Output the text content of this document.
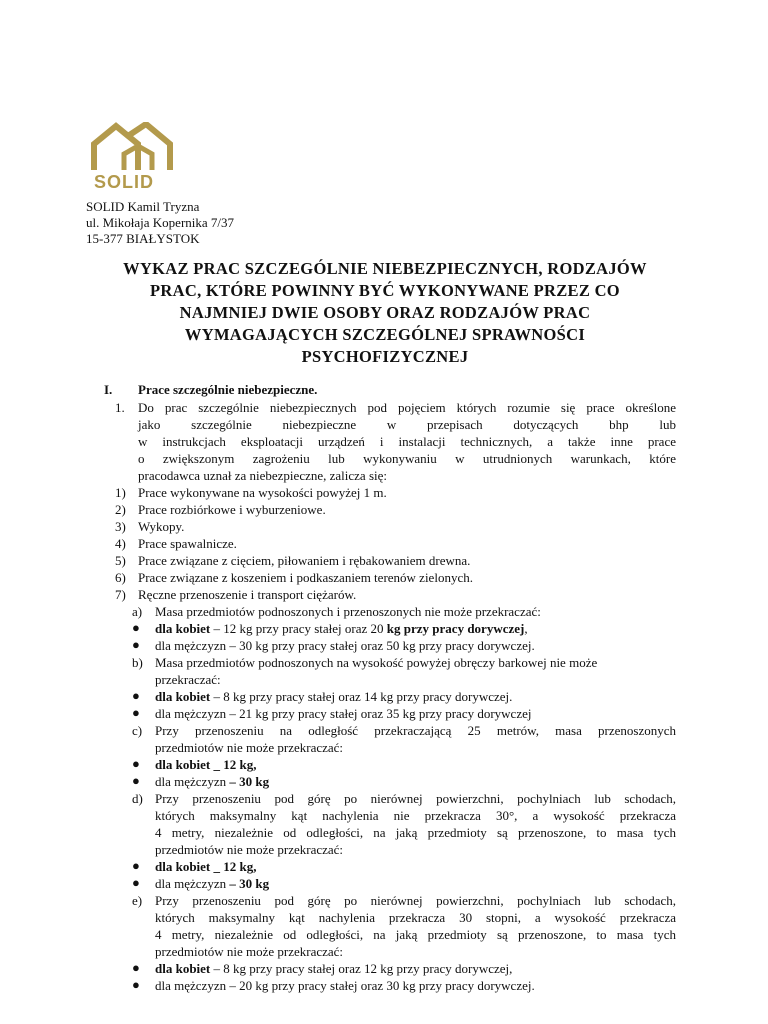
SOLID
SOLID Kamil Tryzna
ul. Mikołaja Kopernika 7/37
15-377 BIAŁYSTOK
WYKAZ PRAC SZCZEGÓLNIE NIEBEZPIECZNYCH, RODZAJÓW
PRAC, KTÓRE POWINNY BYĆ WYKONYWANE PRZEZ CO
NAJMNIEJ DWIE OSOBY ORAZ RODZAJÓW PRAC
WYMAGAJĄCYCH SZCZEGÓLNEJ SPRAWNOŚCI
PSYCHOFIZYCZNEJ
I. Prace szczególnie niebezpieczne.
1. Do prac szczególnie niebezpiecznych pod pojęciem których rozumie się prace określone
jako szczególnie niebezpieczne w przepisach dotyczących bhp lub
w instrukcjach eksploatacji urządzeń i instalacji technicznych, a także inne prace
o zwiększonym zagrożeniu lub wykonywaniu w utrudnionych warunkach, które
pracodawca uznał za niebezpieczne, zalicza się:
1) Prace wykonywane na wysokości powyżej 1 m.
2) Prace rozbiórkowe i wyburzeniowe.
3) Wykopy.
4) Prace spawalnicze.
5) Prace związane z cięciem, piłowaniem i rębakowaniem drewna.
6) Prace związane z koszeniem i podkaszaniem terenów zielonych.
7) Ręczne przenoszenie i transport ciężarów.
a) Masa przedmiotów podnoszonych i przenoszonych nie może przekraczać:
● dla kobiet – 12 kg przy pracy stałej oraz 20 kg przy pracy dorywczej,
● dla mężczyzn – 30 kg przy pracy stałej oraz 50 kg przy pracy dorywczej.
b) Masa przedmiotów podnoszonych na wysokość powyżej obręczy barkowej nie może
przekraczać:
● dla kobiet – 8 kg przy pracy stałej oraz 14 kg przy pracy dorywczej.
● dla mężczyzn – 21 kg przy pracy stałej oraz 35 kg przy pracy dorywczej
c) Przy przenoszeniu na odległość przekraczającą 25 metrów, masa przenoszonych
przedmiotów nie może przekraczać:
● dla kobiet _ 12 kg,
● dla mężczyzn – 30 kg
d) Przy przenoszeniu pod górę po nierównej powierzchni, pochylniach lub schodach,
których maksymalny kąt nachylenia nie przekracza 30°, a wysokość przekracza
4 metry, niezależnie od odległości, na jaką przedmioty są przenoszone, to masa tych
przedmiotów nie może przekraczać:
● dla kobiet _ 12 kg,
● dla mężczyzn – 30 kg
e) Przy przenoszeniu pod górę po nierównej powierzchni, pochylniach lub schodach,
których maksymalny kąt nachylenia przekracza 30 stopni, a wysokość przekracza
4 metry, niezależnie od odległości, na jaką przedmioty są przenoszone, to masa tych
przedmiotów nie może przekraczać:
● dla kobiet – 8 kg przy pracy stałej oraz 12 kg przy pracy dorywczej,
● dla mężczyzn – 20 kg przy pracy stałej oraz 30 kg przy pracy dorywczej.
